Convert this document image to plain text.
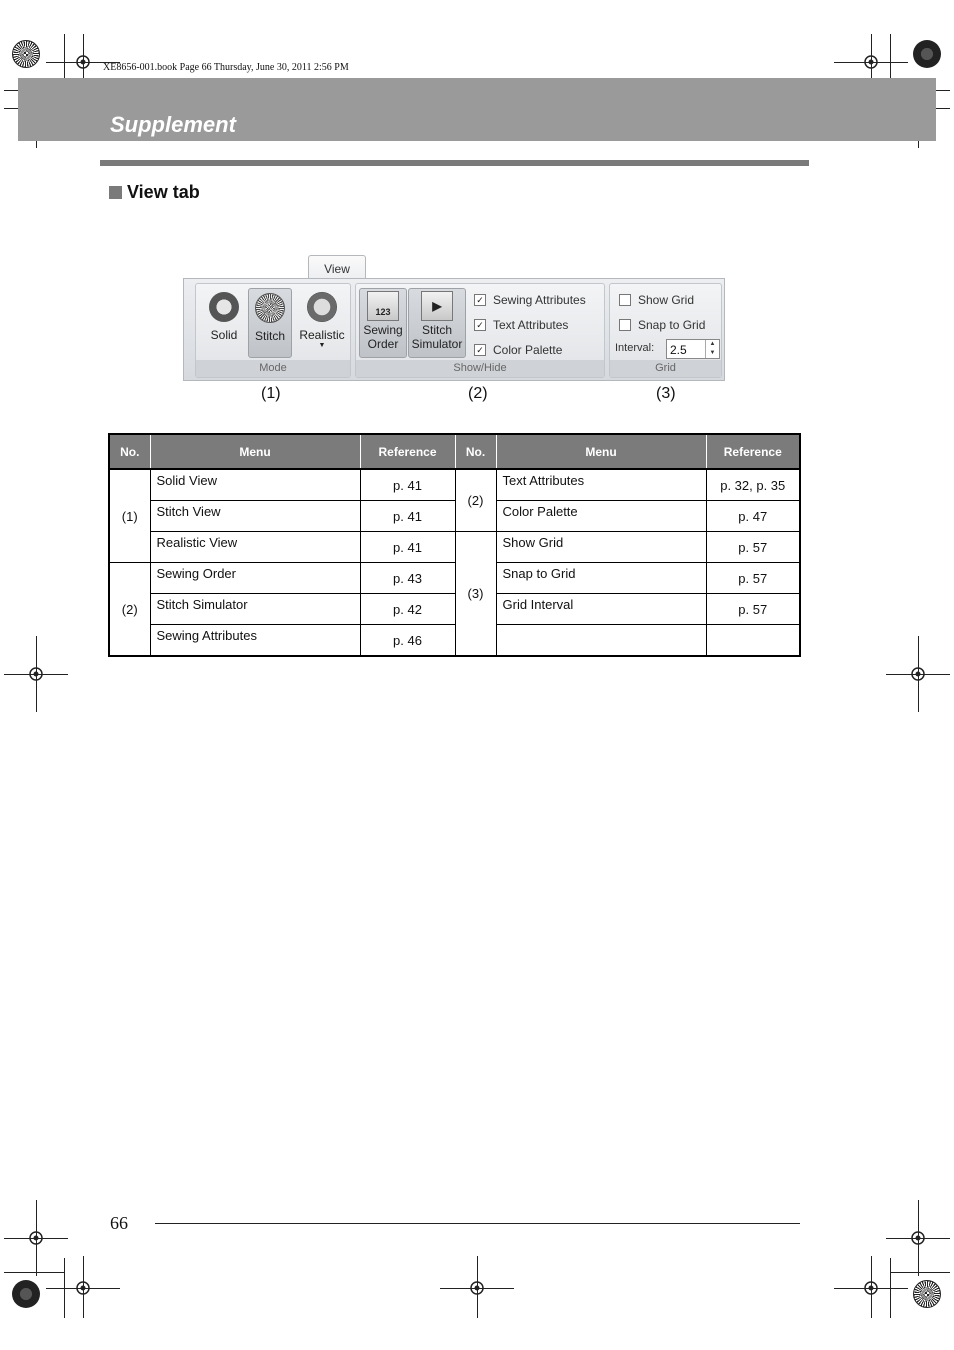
XE8656-001.book Page 66 Thursday, June 30, 2011 2:56 PM
Supplement
View tab
View
Solid	Stitch	Realistic
▼
Mode
123
Sewing
Order
▶
Stitch
Simulator
✓ Sewing Attributes
✓ Text Attributes
✓ Color Palette
Show/Hide
Show Grid
Snap to Grid
Interval:	2.5	▲
▼
Grid
(1)	(2)	(3)
No.	Menu	Reference	No.	Menu	Reference
(1)	Solid View	p. 41	(2)	Text Attributes	p. 32, p. 35
	Stitch View	p. 41		Color Palette	p. 47
	Realistic View	p. 41	(3)	Show Grid	p. 57
(2)	Sewing Order	p. 43		Snap to Grid	p. 57
	Stitch Simulator	p. 42		Grid Interval	p. 57
	Sewing Attributes	p. 46			
66
